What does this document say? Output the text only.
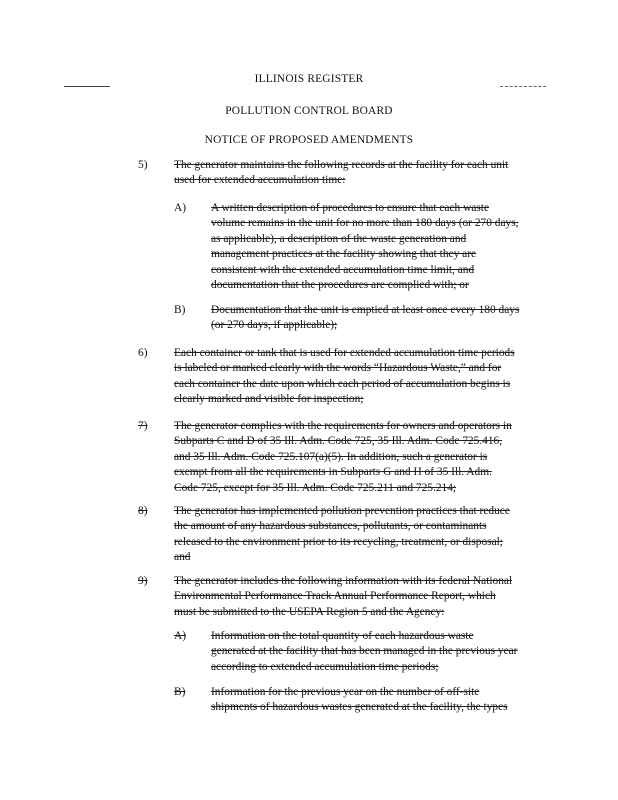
ILLINOIS REGISTER
POLLUTION CONTROL BOARD
NOTICE OF PROPOSED AMENDMENTS
5) The generator maintains the following records at the facility for each unit
used for extended accumulation time:
A) A written description of procedures to ensure that each waste
volume remains in the unit for no more than 180 days (or 270 days,
as applicable), a description of the waste generation and
management practices at the facility showing that they are
consistent with the extended accumulation time limit, and
documentation that the procedures are complied with; or
B) Documentation that the unit is emptied at least once every 180 days
(or 270 days, if applicable);
6) Each container or tank that is used for extended accumulation time periods
is labeled or marked clearly with the words “Hazardous Waste,” and for
each container the date upon which each period of accumulation begins is
clearly marked and visible for inspection;
7) The generator complies with the requirements for owners and operators in
Subparts C and D of 35 Ill. Adm. Code 725, 35 Ill. Adm. Code 725.416,
and 35 Ill. Adm. Code 725.107(a)(5). In addition, such a generator is
exempt from all the requirements in Subparts G and H of 35 Ill. Adm.
Code 725, except for 35 Ill. Adm. Code 725.211 and 725.214;
8) The generator has implemented pollution prevention practices that reduce
the amount of any hazardous substances, pollutants, or contaminants
released to the environment prior to its recycling, treatment, or disposal;
and
9) The generator includes the following information with its federal National
Environmental Performance Track Annual Performance Report, which
must be submitted to the USEPA Region 5 and the Agency:
A) Information on the total quantity of each hazardous waste
generated at the facility that has been managed in the previous year
according to extended accumulation time periods;
B) Information for the previous year on the number of off-site
shipments of hazardous wastes generated at the facility, the types
